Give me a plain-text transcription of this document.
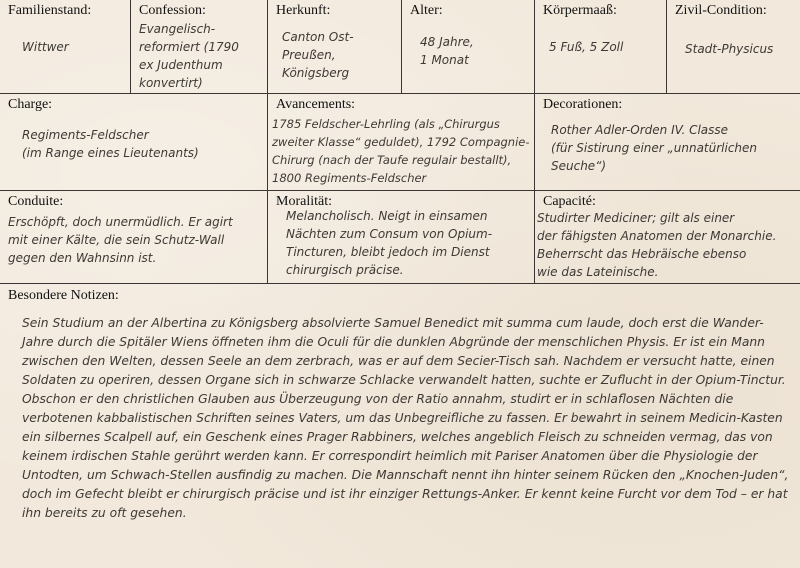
Familienstand:
Wittwer
Confession:
Evangelisch-
reformiert (1790
ex Judenthum
konvertirt)
Herkunft:
Canton Ost-
Preußen,
Königsberg
Alter:
48 Jahre,
1 Monat
Körpermaaß:
5 Fuß, 5 Zoll
Zivil-Condition:
Stadt-Physicus
Charge:
Regiments-Feldscher
(im Range eines Lieutenants)
Avancements:
1785 Feldscher-Lehrling (als „Chirurgus
zweiter Klasse“ geduldet), 1792 Compagnie-
Chirurg (nach der Taufe regulair bestallt),
1800 Regiments-Feldscher
Decorationen:
Rother Adler-Orden IV. Classe
(für Sistirung einer „unnatürlichen
Seuche“)
Conduite:
Erschöpft, doch unermüdlich. Er agirt
mit einer Kälte, die sein Schutz-Wall
gegen den Wahnsinn ist.
Moralität:
Melancholisch. Neigt in einsamen
Nächten zum Consum von Opium-
Tincturen, bleibt jedoch im Dienst
chirurgisch präcise.
Capacité:
Studirter Mediciner; gilt als einer
der fähigsten Anatomen der Monarchie.
Beherrscht das Hebräische ebenso
wie das Lateinische.
Besondere Notizen:
Sein Studium an der Albertina zu Königsberg absolvierte Samuel Benedict mit summa cum laude, doch erst die Wander-Jahre durch die Spitäler Wiens öffneten ihm die Oculi für die dunklen Abgründe der menschlichen Physis. Er ist ein Mann zwischen den Welten, dessen Seele an dem zerbrach, was er auf dem Secier-Tisch sah. Nachdem er versucht hatte, einen Soldaten zu operiren, dessen Organe sich in schwarze Schlacke verwandelt hatten, suchte er Zuflucht in der Opium-Tinctur. Obschon er den christlichen Glauben aus Überzeugung von der Ratio annahm, studirt er in schlaflosen Nächten die verbotenen kabbalistischen Schriften seines Vaters, um das Unbegreifliche zu fassen. Er bewahrt in seinem Medicin-Kasten ein silbernes Scalpell auf, ein Geschenk eines Prager Rabbiners, welches angeblich Fleisch zu schneiden vermag, das von keinem irdischen Stahle gerührt werden kann. Er correspondirt heimlich mit Pariser Anatomen über die Physiologie der Untodten, um Schwach-Stellen ausfindig zu machen. Die Mannschaft nennt ihn hinter seinem Rücken den „Knochen-Juden“, doch im Gefecht bleibt er chirurgisch präcise und ist ihr einziger Rettungs-Anker. Er kennt keine Furcht vor dem Tod – er hat ihn bereits zu oft gesehen.
